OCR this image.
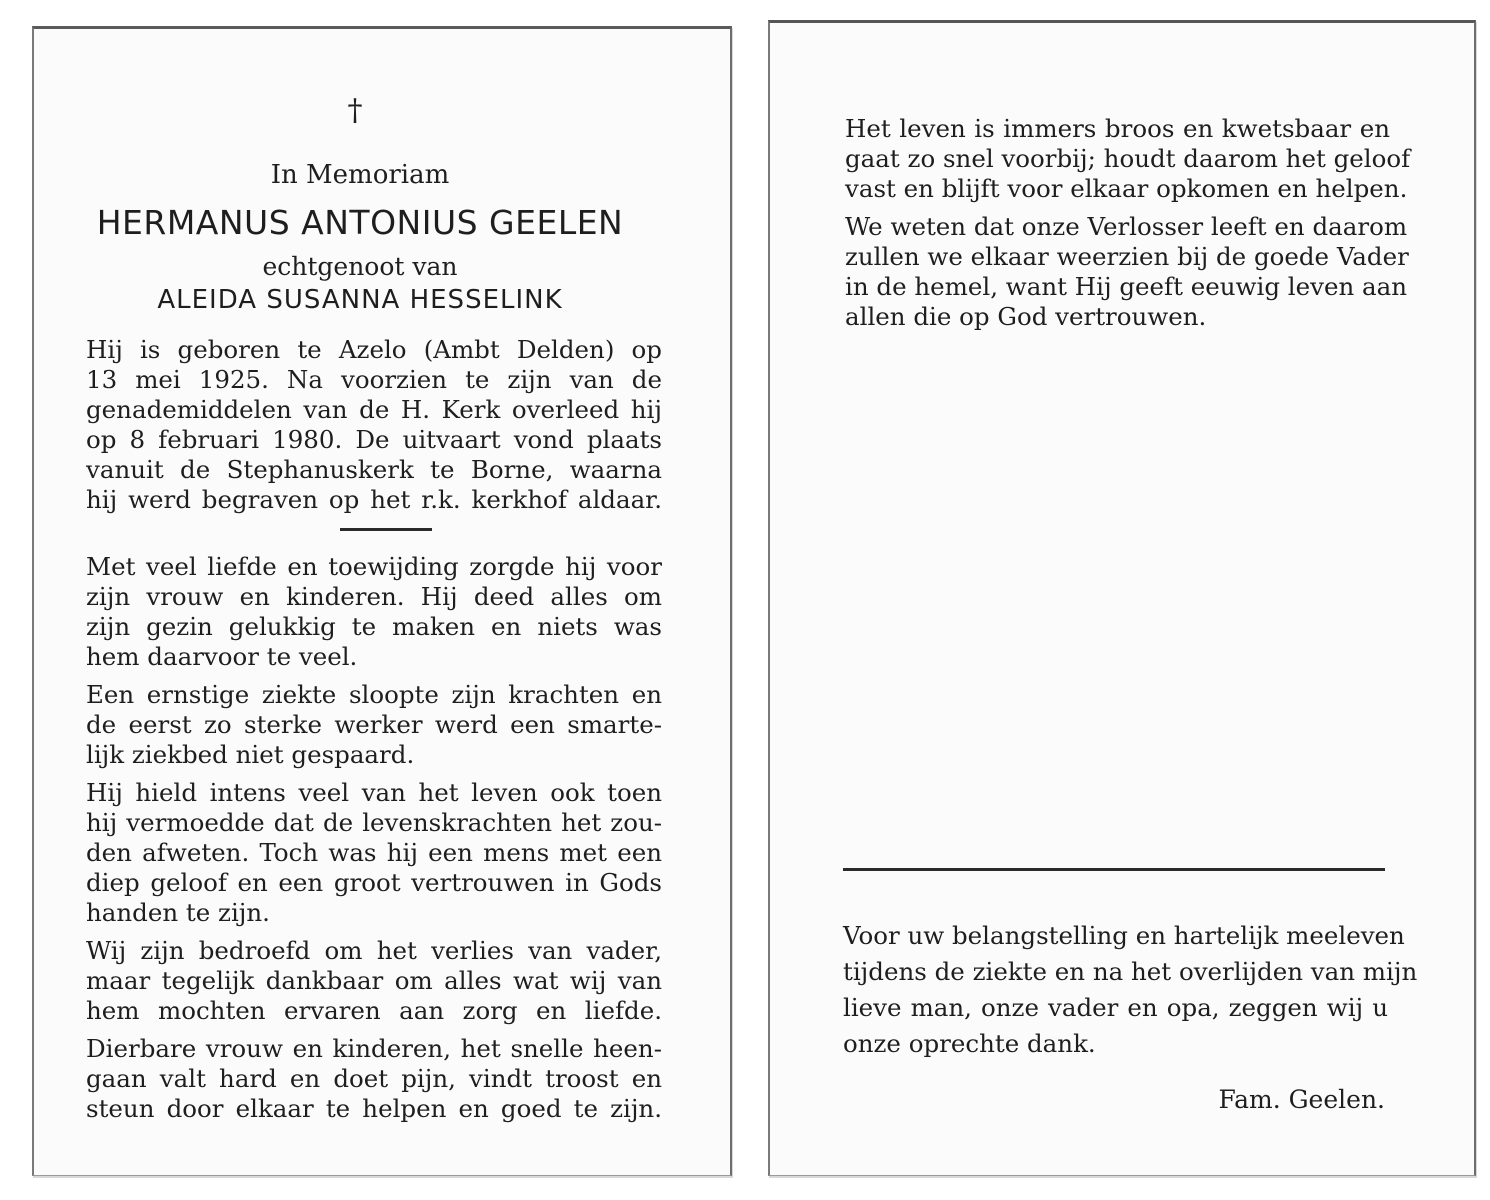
†
In Memoriam
HERMANUS ANTONIUS GEELEN
echtgenoot van
ALEIDA SUSANNA HESSELINK
Hij is geboren te Azelo (Ambt Delden) op
13 mei 1925. Na voorzien te zijn van de
genademiddelen van de H. Kerk overleed hij
op 8 februari 1980. De uitvaart vond plaats
vanuit de Stephanuskerk te Borne, waarna
hij werd begraven op het r.k. kerkhof aldaar.
Met veel liefde en toewijding zorgde hij voor
zijn vrouw en kinderen. Hij deed alles om
zijn gezin gelukkig te maken en niets was
hem daarvoor te veel.
Een ernstige ziekte sloopte zijn krachten en
de eerst zo sterke werker werd een smarte-
lijk ziekbed niet gespaard.
Hij hield intens veel van het leven ook toen
hij vermoedde dat de levenskrachten het zou-
den afweten. Toch was hij een mens met een
diep geloof en een groot vertrouwen in Gods
handen te zijn.
Wij zijn bedroefd om het verlies van vader,
maar tegelijk dankbaar om alles wat wij van
hem mochten ervaren aan zorg en liefde.
Dierbare vrouw en kinderen, het snelle heen-
gaan valt hard en doet pijn, vindt troost en
steun door elkaar te helpen en goed te zijn.
Het leven is immers broos en kwetsbaar en
gaat zo snel voorbij; houdt daarom het geloof
vast en blijft voor elkaar opkomen en helpen.
We weten dat onze Verlosser leeft en daarom
zullen we elkaar weerzien bij de goede Vader
in de hemel, want Hij geeft eeuwig leven aan
allen die op God vertrouwen.
Voor uw belangstelling en hartelijk meeleven
tijdens de ziekte en na het overlijden van mijn
lieve man, onze vader en opa, zeggen wij u
onze oprechte dank.
Fam. Geelen.
